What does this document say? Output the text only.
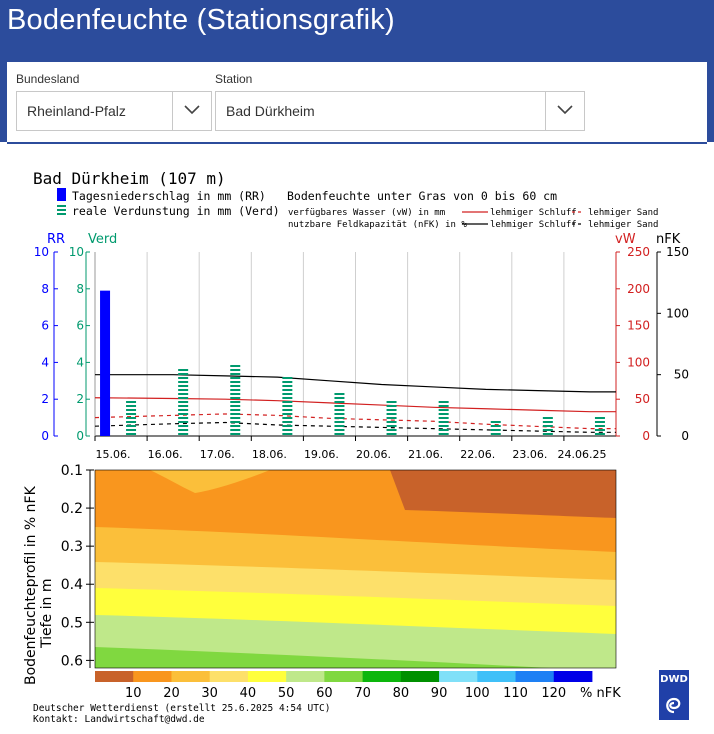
Bodenfeuchte (Stationsgrafik)
Bundesland
Rheinland-Pfalz
Station
Bad Dürkheim
Bad Dürkheim (107 m)
Tagesniederschlag in mm (RR)
reale Verdunstung in mm (Verd)
Bodenfeuchte unter Gras von 0 bis 60 cm
verfügbares Wasser (vW) in mm	lehmiger Schluff lehmiger Sand
nutzbare Feldkapazität (nFK) in %	lehmiger Schluff lehmiger Sand
RR Verd	vW nFK
15.06. 16.06. 17.06. 18.06. 19.06. 20.06. 21.06. 22.06. 23.06. 24.06.25
0
2
4
6
8
10
0
2
4
6
8
10
0
50
100
150
200
250
0
50
100
150
0.1
0.2
0.3
0.4
0.5
0.6
Bodenfeuchteprofil in % nFK Tiefe in m
10 20 30 40 50 60 70 80 90 100 110 120 % nFK
Deutscher Wetterdienst (erstellt 25.6.2025 4:54 UTC)
Kontakt: Landwirtschaft@dwd.de
DWD
